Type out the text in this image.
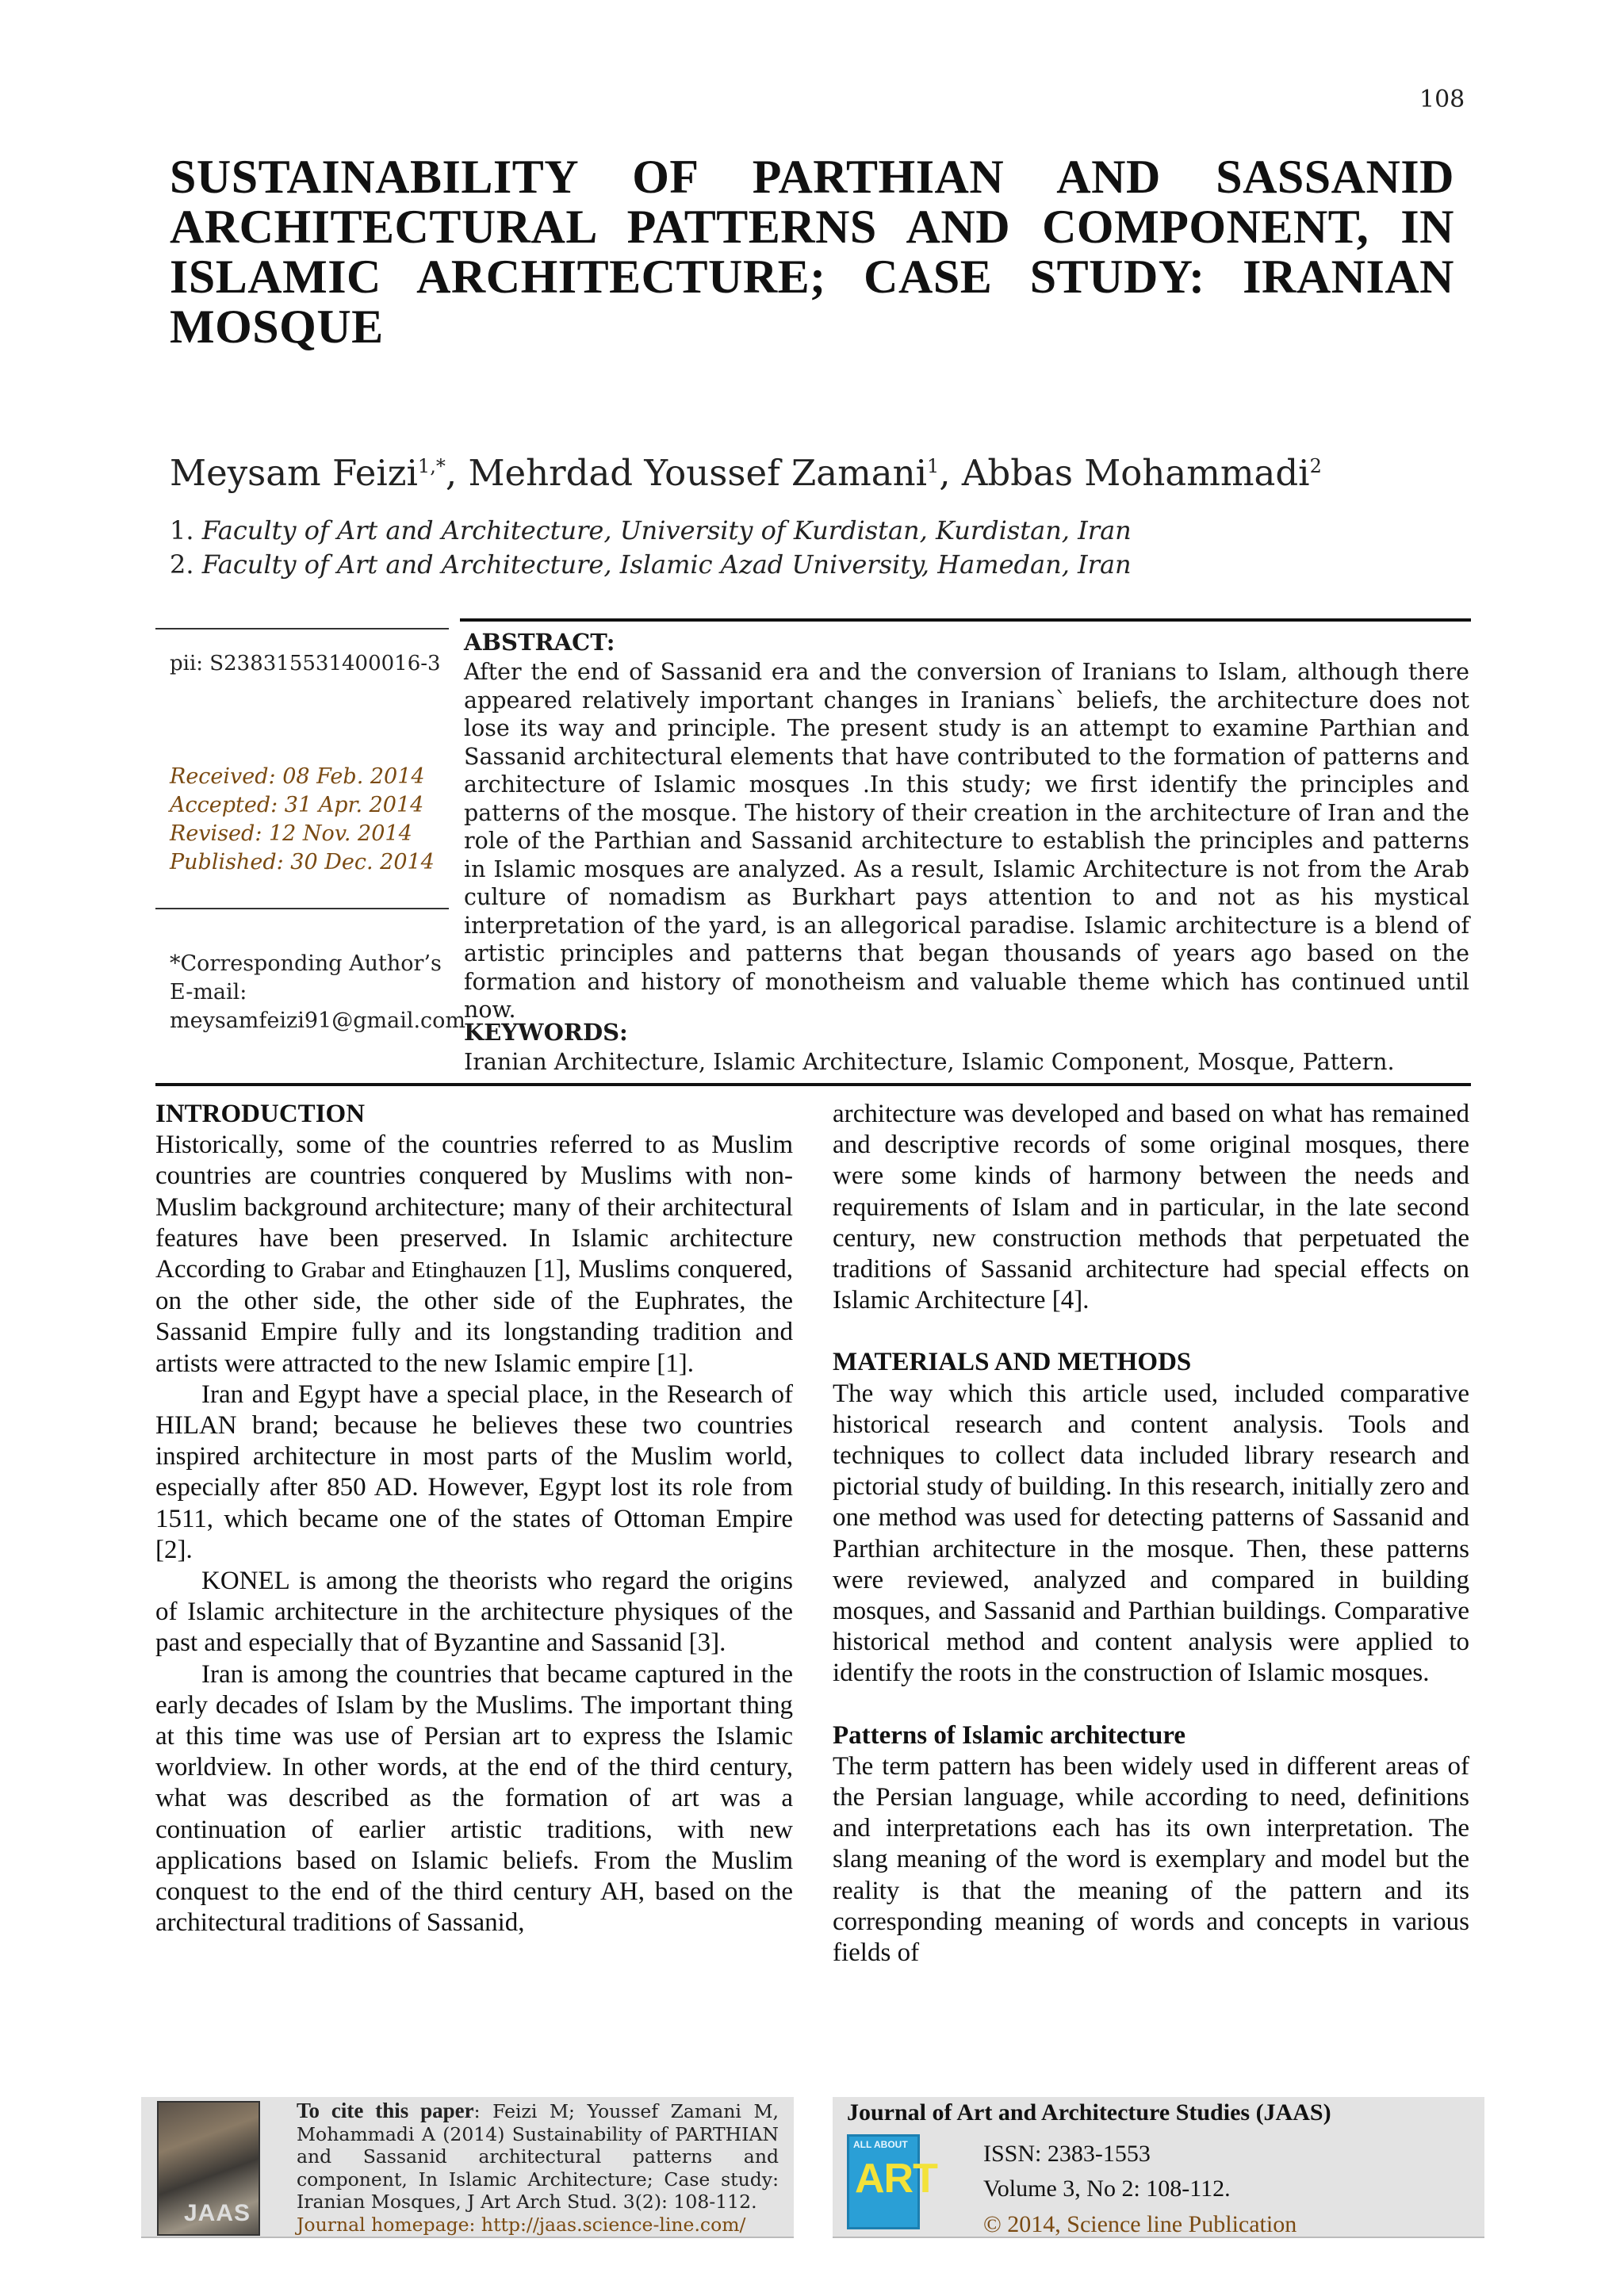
108
SUSTAINABILITY OF PARTHIAN AND SASSANID ARCHITECTURAL PATTERNS AND COMPONENT, IN ISLAMIC ARCHITECTURE; CASE STUDY: IRANIAN MOSQUE
Meysam Feizi$^{1,*}$, Mehrdad Youssef Zamani$^1$, Abbas Mohammadi$^2$
1. Faculty of Art and Architecture, University of Kurdistan, Kurdistan, Iran
2. Faculty of Art and Architecture, Islamic Azad University, Hamedan, Iran
pii: S238315531400016-3
Received: 08 Feb. 2014
Accepted: 31 Apr. 2014
Revised: 12 Nov. 2014
Published: 30 Dec. 2014
*Corresponding Author’s
E-mail:
meysamfeizi91@gmail.com
ABSTRACT:
After the end of Sassanid era and the conversion of Iranians to Islam, although there appeared relatively important changes in Iranians` beliefs, the architecture does not lose its way and principle. The present study is an attempt to examine Parthian and Sassanid architectural elements that have contributed to the formation of patterns and architecture of Islamic mosques .In this study; we first identify the principles and patterns of the mosque. The history of their creation in the architecture of Iran and the role of the Parthian and Sassanid architecture to establish the principles and patterns in Islamic mosques are analyzed. As a result, Islamic Architecture is not from the Arab culture of nomadism as Burkhart pays attention to and not as his mystical interpretation of the yard, is an allegorical paradise. Islamic architecture is a blend of artistic principles and patterns that began thousands of years ago based on the formation and history of monotheism and valuable theme which has continued until now.
KEYWORDS:
Iranian Architecture, Islamic Architecture, Islamic Component, Mosque, Pattern.
INTRODUCTION

Historically, some of the countries referred to as Muslim countries are countries conquered by Muslims with non-Muslim background architecture; many of their architectural features have been preserved. In Islamic architecture According to Grabar and Etinghauzen [1], Muslims conquered, on the other side, the other side of the Euphrates, the Sassanid Empire fully and its longstanding tradition and artists were attracted to the new Islamic empire [1].

Iran and Egypt have a special place, in the Research of HILAN brand; because he believes these two countries inspired architecture in most parts of the Muslim world, especially after 850 AD. However, Egypt lost its role from 1511, which became one of the states of Ottoman Empire [2].

KONEL is among the theorists who regard the origins of Islamic architecture in the architecture physiques of the past and especially that of Byzantine and Sassanid [3].

Iran is among the countries that became captured in the early decades of Islam by the Muslims. The important thing at this time was use of Persian art to express the Islamic worldview. In other words, at the end of the third century, what was described as the formation of art was a continuation of earlier artistic traditions, with new applications based on Islamic beliefs. From the Muslim conquest to the end of the third century AH, based on the architectural traditions of Sassanid,

architecture was developed and based on what has remained and descriptive records of some original mosques, there were some kinds of harmony between the needs and requirements of Islam and in particular, in the late second century, new construction methods that perpetuated the traditions of Sassanid architecture had special effects on Islamic Architecture [4].

MATERIALS AND METHODS

The way which this article used, included comparative historical research and content analysis. Tools and techniques to collect data included library research and pictorial study of building. In this research, initially zero and one method was used for detecting patterns of Sassanid and Parthian architecture in the mosque. Then, these patterns were reviewed, analyzed and compared in building mosques, and Sassanid and Parthian buildings. Comparative historical method and content analysis were applied to identify the roots in the construction of Islamic mosques.

Patterns of Islamic architecture

The term pattern has been widely used in different areas of the Persian language, while according to need, definitions and interpretations each has its own interpretation. The slang meaning of the word is exemplary and model but the reality is that the meaning of the pattern and its corresponding meaning of words and concepts in various fields of

JAAS
To cite this paper: Feizi M; Youssef Zamani M, Mohammadi A (2014) Sustainability of PARTHIAN and Sassanid architectural patterns and component, In Islamic Architecture; Case study: Iranian Mosques, J Art Arch Stud. 3(2): 108-112.
Journal homepage: http://jaas.science-line.com/
Journal of Art and Architecture Studies (JAAS)
ALL ABOUT
ART
ISSN: 2383-1553
Volume 3, No 2: 108-112.
© 2014, Science line Publication
